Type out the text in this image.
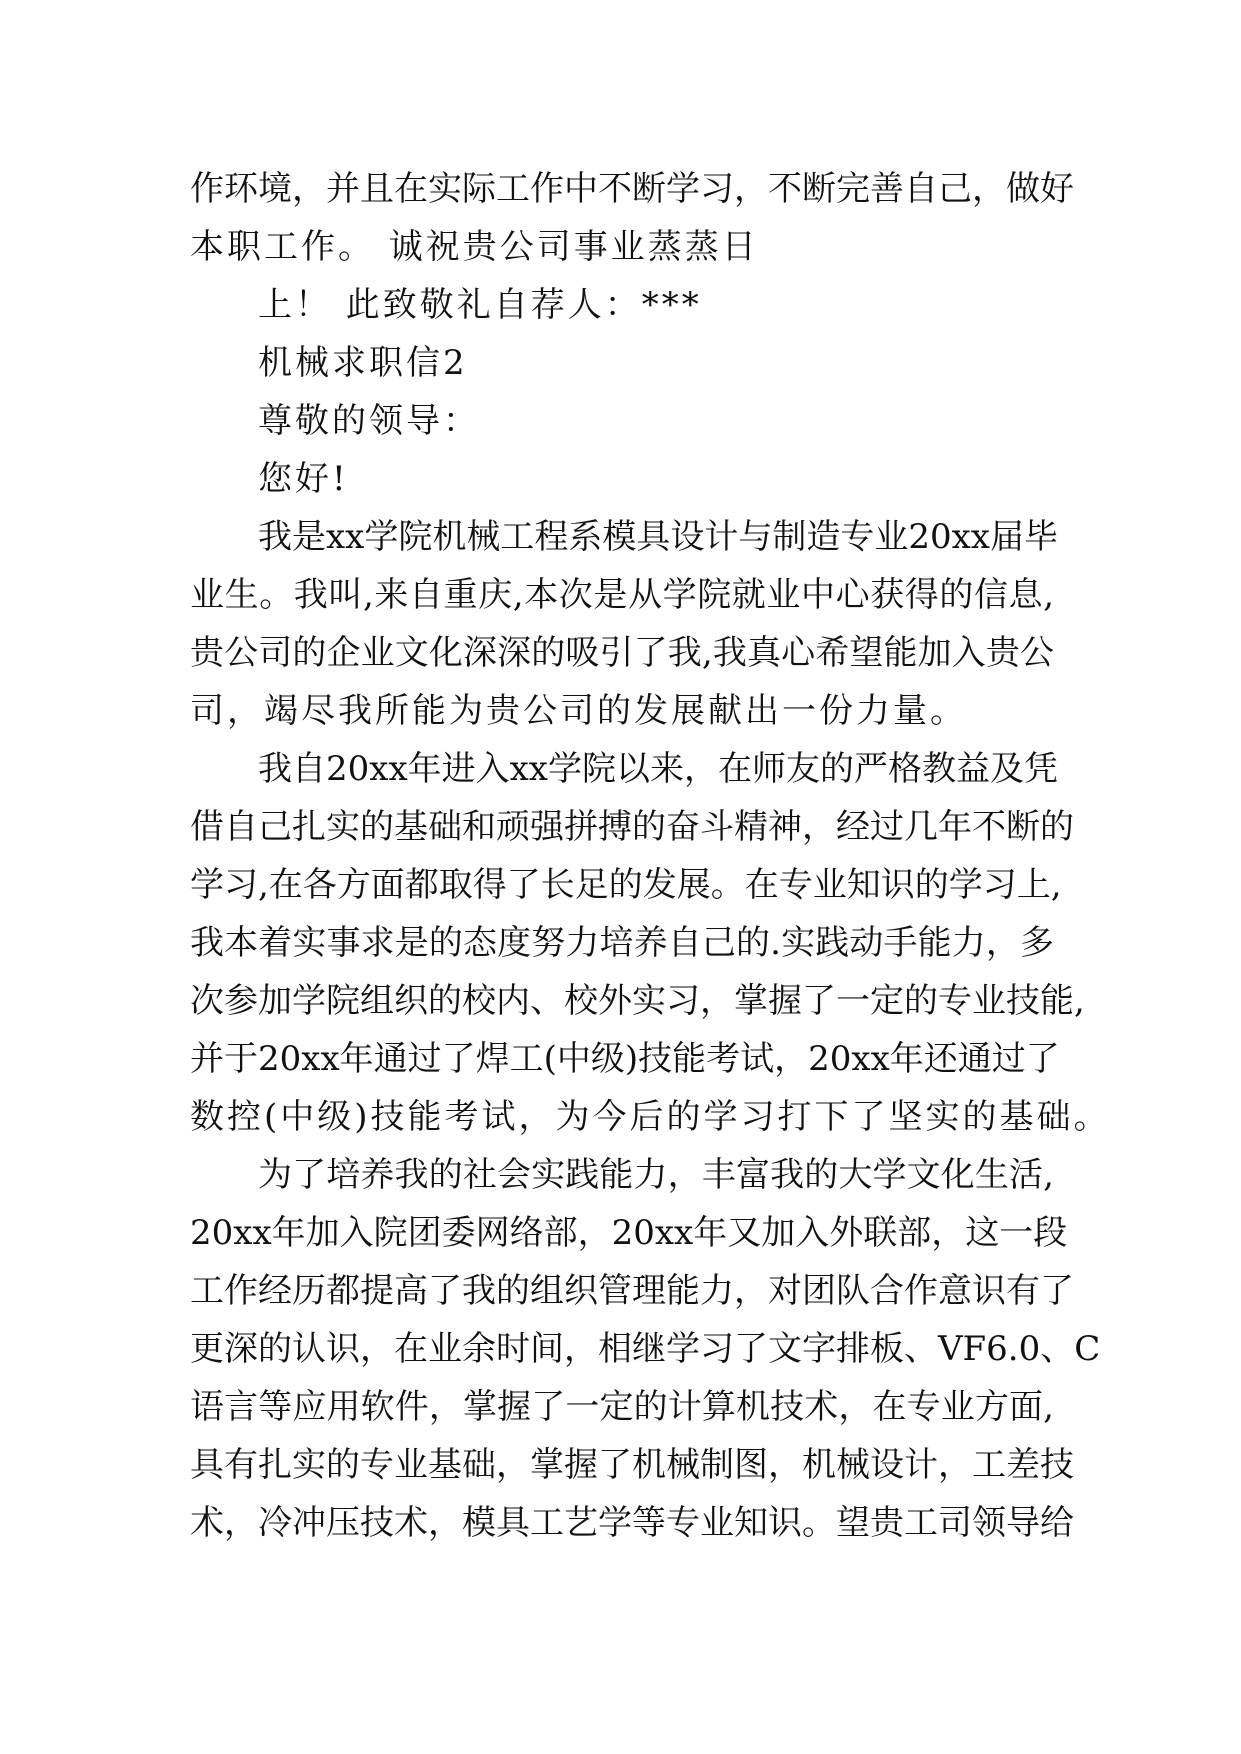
作环境，并且在实际工作中不断学习，不断完善自己，做好

本职工作。 诚祝贵公司事业蒸蒸日

上！ 此致敬礼自荐人：***

机械求职信2

尊敬的领导：

您好!

我是xx学院机械工程系模具设计与制造专业20xx届毕

业生。我叫,来自重庆,本次是从学院就业中心获得的信息,

贵公司的企业文化深深的吸引了我,我真心希望能加入贵公

司，竭尽我所能为贵公司的发展献出一份力量。

我自20xx年进入xx学院以来，在师友的严格教益及凭

借自己扎实的基础和顽强拼搏的奋斗精神，经过几年不断的

学习,在各方面都取得了长足的发展。在专业知识的学习上,

我本着实事求是的态度努力培养自己的.实践动手能力，多

次参加学院组织的校内、校外实习，掌握了一定的专业技能,

并于20xx年通过了焊工(中级)技能考试，20xx年还通过了

数控(中级)技能考试，为今后的学习打下了坚实的基础。

为了培养我的社会实践能力，丰富我的大学文化生活,

20xx年加入院团委网络部，20xx年又加入外联部，这一段

工作经历都提高了我的组织管理能力，对团队合作意识有了

更深的认识，在业余时间，相继学习了文字排板、VF6.0、C

语言等应用软件，掌握了一定的计算机技术，在专业方面,

具有扎实的专业基础，掌握了机械制图，机械设计，工差技

术，冷冲压技术，模具工艺学等专业知识。望贵工司领导给
